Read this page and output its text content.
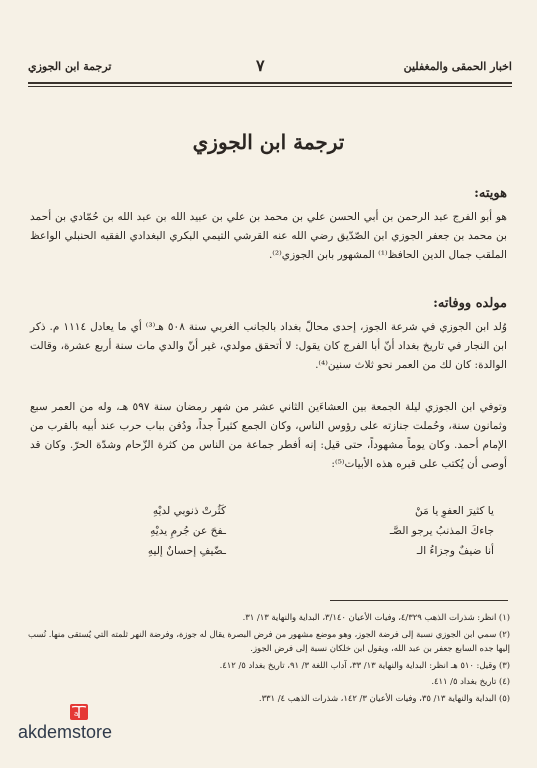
اخبار الحمقى والمغفلين
٧
ترجمة ابن الجوزي
ترجمة ابن الجوزي
هويته:

هو أبو الفرج عبد الرحمن بن أبي الحسن علي بن محمد بن علي بن عبيد الله بن عبد الله بن حُمّادي بن أحمد بن محمد بن جعفر الجوزي ابن الصّدّيق رضي الله عنه القرشي التيمي البكري البغدادي الفقيه الحنبلي الواعظ الملقب جمال الدين الحافظ⁽¹⁾ المشهور بابن الجوزي⁽²⁾.

مولده ووفاته:

وُلد ابن الجوزي في شرعة الجوز، إحدى محالّ بغداد بالجانب الغربي سنة ٥٠٨ هـ⁽³⁾ أي ما يعادل ١١١٤ م. ذكر ابن النجار في تاريخ بغداد أنّ أبا الفرج كان يقول: لا أتحقق مولدي، غير أنّ والدي مات سنة أربع عشرة، وقالت الوالدة: كان لك من العمر نحو ثلاث سنين⁽⁴⁾.

وتوفي ابن الجوزي ليلة الجمعة بين العشاءَين الثاني عشر من شهر رمضان سنة ٥٩٧ هـ، وله من العمر سبع وثمانون سنة، وحُملت جنازته على رؤوس الناس، وكان الجمع كثيراً جداً، ودُفن بباب حرب عند أبيه بالقرب من الإمام أحمد. وكان يوماً مشهوداً، حتى قيل: إنه أفطر جماعة من الناس من كثرة الزّحام وشدّة الحرّ. وكان قد أوصى أن يُكتب على قبره هذه الأبيات⁽⁵⁾:

يا كثيرَ العفوِ يا مَنْ
كَثُرتْ ذنوبي لديْهِ
جاءكَ المذنبُ يرجو الصَّـ
ـفحَ عن جُرمِ يديْهِ
أنا ضيفٌ وجزاءُ الـ
ـضّيفِ إحسانٌ إليهِ

(١) انظر: شذرات الذهب ٤/٣٢٩، وفيات الأعيان ٣/١٤٠، البداية والنهاية ١٣/ ٣١.

(٢) سمي ابن الجوزي نسبة إلى فرضة الجوز، وهو موضع مشهور من فرض البصرة يقال له جوزة، وفرضة النهر ثلمته التي يُستقى منها. نُسب إليها جده السابع جعفر بن عبد الله، ويقول ابن خلكان نسبة إلى فرض الجوز.

(٣) وقيل: ٥١٠ هـ انظر: البداية والنهاية ١٣/ ٣٣، آداب اللغة ٣/ ٩١، تاريخ بغداد ٥/ ٤١٢.

(٤) تاريخ بغداد ٥/ ٤١١.

(٥) البداية والنهاية ١٣/ ٣٥، وفيات الأعيان ٣/ ١٤٢، شذرات الذهب ٤/ ٣٣١.

a
akdemstore
